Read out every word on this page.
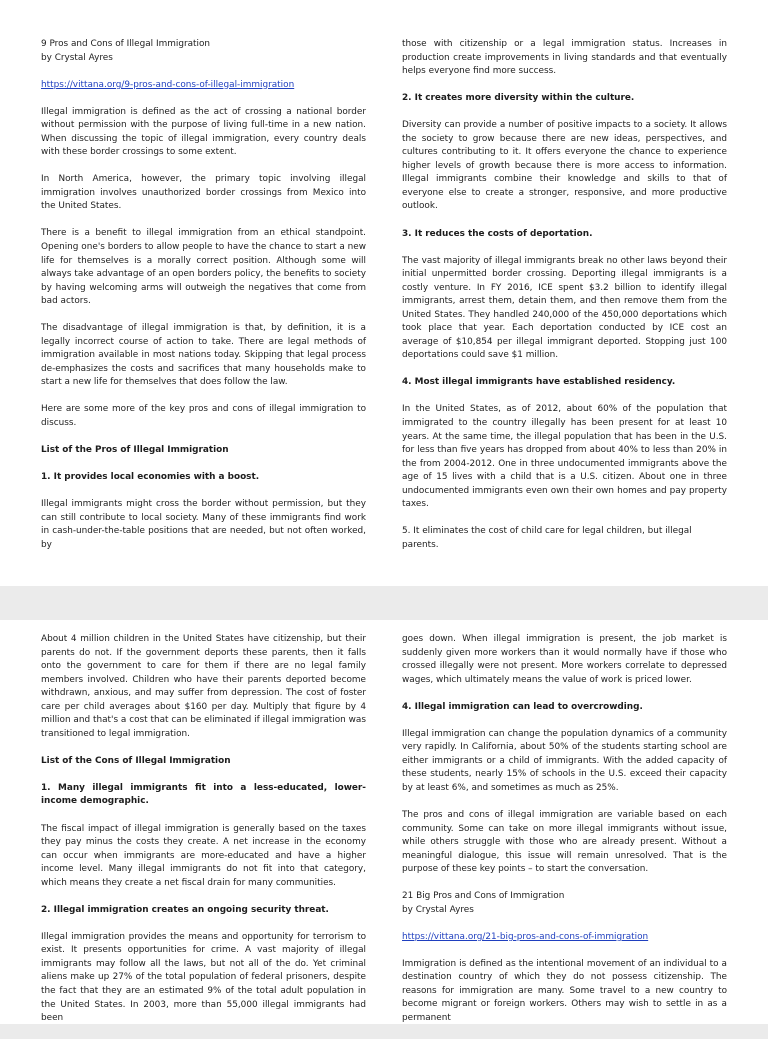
9 Pros and Cons of Illegal Immigration

by Crystal Ayres

https://vittana.org/9-pros-and-cons-of-illegal-immigration

Illegal immigration is defined as the act of crossing a national border without permission with the purpose of living full-time in a new nation. When discussing the topic of illegal immigration, every country deals with these border crossings to some extent.

In North America, however, the primary topic involving illegal immigration involves unauthorized border crossings from Mexico into the United States.

There is a benefit to illegal immigration from an ethical standpoint. Opening one's borders to allow people to have the chance to start a new life for themselves is a morally correct position. Although some will always take advantage of an open borders policy, the benefits to society by having welcoming arms will outweigh the negatives that come from bad actors.

The disadvantage of illegal immigration is that, by definition, it is a legally incorrect course of action to take. There are legal methods of immigration available in most nations today. Skipping that legal process de-emphasizes the costs and sacrifices that many households make to start a new life for themselves that does follow the law.

Here are some more of the key pros and cons of illegal immigration to discuss.

List of the Pros of Illegal Immigration

1. It provides local economies with a boost.

Illegal immigrants might cross the border without permission, but they can still contribute to local society. Many of these immigrants find work in cash-under-the-table positions that are needed, but not often worked, by

those with citizenship or a legal immigration status. Increases in production create improvements in living standards and that eventually helps everyone find more success.

2. It creates more diversity within the culture.

Diversity can provide a number of positive impacts to a society. It allows the society to grow because there are new ideas, perspectives, and cultures contributing to it. It offers everyone the chance to experience higher levels of growth because there is more access to information. Illegal immigrants combine their knowledge and skills to that of everyone else to create a stronger, responsive, and more productive outlook.

3. It reduces the costs of deportation.

The vast majority of illegal immigrants break no other laws beyond their initial unpermitted border crossing. Deporting illegal immigrants is a costly venture. In FY 2016, ICE spent $3.2 billion to identify illegal immigrants, arrest them, detain them, and then remove them from the United States. They handled 240,000 of the 450,000 deportations which took place that year. Each deportation conducted by ICE cost an average of $10,854 per illegal immigrant deported. Stopping just 100 deportations could save $1 million.

4. Most illegal immigrants have established residency.

In the United States, as of 2012, about 60% of the population that immigrated to the country illegally has been present for at least 10 years. At the same time, the illegal population that has been in the U.S. for less than five years has dropped from about 40% to less than 20% in the from 2004-2012. One in three undocumented immigrants above the age of 15 lives with a child that is a U.S. citizen. About one in three undocumented immigrants even own their own homes and pay property taxes.

5. It eliminates the cost of child care for legal children, but illegal parents.

About 4 million children in the United States have citizenship, but their parents do not. If the government deports these parents, then it falls onto the government to care for them if there are no legal family members involved. Children who have their parents deported become withdrawn, anxious, and may suffer from depression. The cost of foster care per child averages about $160 per day. Multiply that figure by 4 million and that's a cost that can be eliminated if illegal immigration was transitioned to legal immigration.

List of the Cons of Illegal Immigration

1. Many illegal immigrants fit into a less-educated, lower-income demographic.

The fiscal impact of illegal immigration is generally based on the taxes they pay minus the costs they create. A net increase in the economy can occur when immigrants are more-educated and have a higher income level. Many illegal immigrants do not fit into that category, which means they create a net fiscal drain for many communities.

2. Illegal immigration creates an ongoing security threat.

Illegal immigration provides the means and opportunity for terrorism to exist. It presents opportunities for crime. A vast majority of illegal immigrants may follow all the laws, but not all of the do. Yet criminal aliens make up 27% of the total population of federal prisoners, despite the fact that they are an estimated 9% of the total adult population in the United States. In 2003, more than 55,000 illegal immigrants had been

goes down. When illegal immigration is present, the job market is suddenly given more workers than it would normally have if those who crossed illegally were not present. More workers correlate to depressed wages, which ultimately means the value of work is priced lower.

4. Illegal immigration can lead to overcrowding.

Illegal immigration can change the population dynamics of a community very rapidly. In California, about 50% of the students starting school are either immigrants or a child of immigrants. With the added capacity of these students, nearly 15% of schools in the U.S. exceed their capacity by at least 6%, and sometimes as much as 25%.

The pros and cons of illegal immigration are variable based on each community. Some can take on more illegal immigrants without issue, while others struggle with those who are already present. Without a meaningful dialogue, this issue will remain unresolved. That is the purpose of these key points – to start the conversation.

21 Big Pros and Cons of Immigration

by Crystal Ayres

https://vittana.org/21-big-pros-and-cons-of-immigration

Immigration is defined as the intentional movement of an individual to a destination country of which they do not possess citizenship. The reasons for immigration are many. Some travel to a new country to become migrant or foreign workers. Others may wish to settle in as a permanent
